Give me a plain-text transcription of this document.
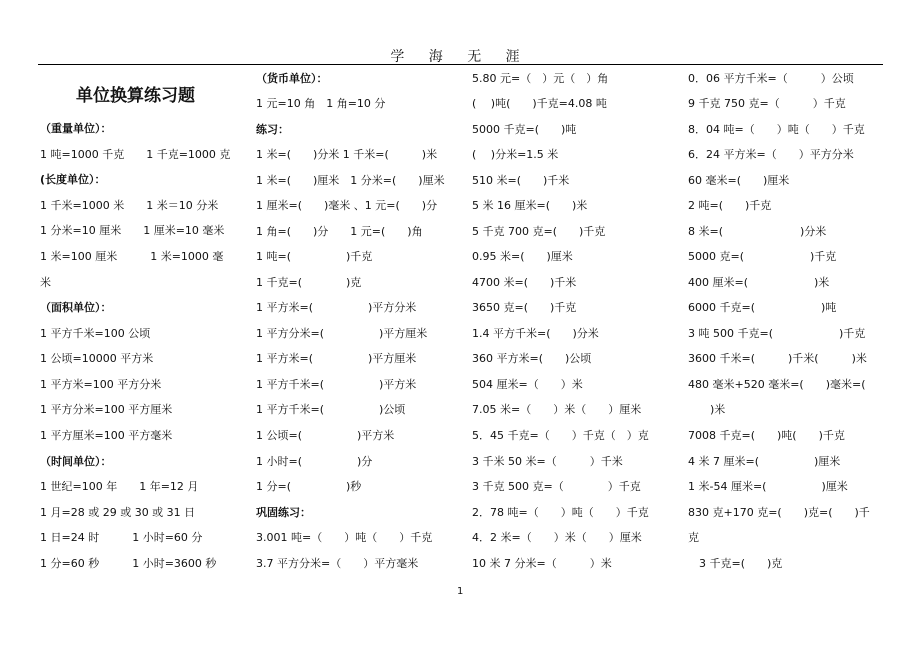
学 海 无 涯
单位换算练习题
（重量单位）：
1 吨=1000 千克　　1 千克=1000 克
(长度单位）：
1 千米=1000 米　　1 米＝10 分米
1 分米=10 厘米　　1 厘米=10 毫米
1 米=100 厘米　　　1 米=1000 毫
米
（面积单位）：
1 平方千米=100 公顷
1 公顷=10000 平方米
1 平方米=100 平方分米
1 平方分米=100 平方厘米
1 平方厘米=100 平方毫米
（时间单位）：
1 世纪=100 年　　1 年=12 月
1 月=28 或 29 或 30 或 31 日
1 日=24 时　　　1 小时=60 分
1 分=60 秒　　　1 小时=3600 秒
（货币单位）：
1 元=10 角　1 角=10 分
练习：
1 米=(　　)分米 1 千米=(　　　)米
1 米=(　　)厘米　1 分米=(　　)厘米
1 厘米=(　　)毫米 、1 元=(　　)分
1 角=(　　)分　　1 元=(　　)角
1 吨=(　　　　　)千克
1 千克=(　　　　)克
1 平方米=(　　　　　)平方分米
1 平方分米=(　　　　　)平方厘米
1 平方米=(　　　　　)平方厘米
1 平方千米=(　　　　　)平方米
1 平方千米=(　　　　　)公顷
1 公顷=(　　　　　)平方米
1 小时=(　　　　　)分
1 分=(　　　　　)秒
巩固练习：
3.001 吨=（　　）吨（　　）千克
3.7 平方分米=（　　）平方毫米
5.80 元=（　）元（　）角
(　 )吨(　　)千克=4.08 吨
5000 千克=(　　)吨
(　 )分米=1.5 米
510 米=(　　)千米
5 米 16 厘米=(　　)米
5 千克 700 克=(　　)千克
0.95 米=(　　)厘米
4700 米=(　　)千米
3650 克=(　　)千克
1.4 平方千米=(　　)分米
360 平方米=(　　)公顷
504 厘米=（　　）米
7.05 米=（　　）米（　　）厘米
5．45 千克=（　　）千克（　）克
3 千米 50 米=（　　　）千米
3 千克 500 克=（　　　　）千克
2．78 吨=（　　）吨（　　）千克
4．2 米=（　　）米（　　）厘米
10 米 7 分米=（　　　）米
0．06 平方千米=（　　　）公顷
9 千克 750 克=（　　　）千克
8．04 吨=（　　）吨（　　）千克
6．24 平方米=（　　）平方分米
60 毫米=(　　)厘米
2 吨=(　　)千克
8 米=(　　　　　　　)分米
5000 克=(　　　　　　)千克
400 厘米=(　　　　　　)米
6000 千克=(　　　　　　)吨
3 吨 500 千克=(　　　　　　)千克
3600 千米=(　　　)千米(　　　)米
480 毫米+520 毫米=(　　)毫米=(
　　)米
7008 千克=(　　)吨(　　)千克
4 米 7 厘米=(　　　　　)厘米
1 米-54 厘米=(　　　　　)厘米
830 克+170 克=(　　)克=(　　)千
克
　3 千克=(　　)克
1
